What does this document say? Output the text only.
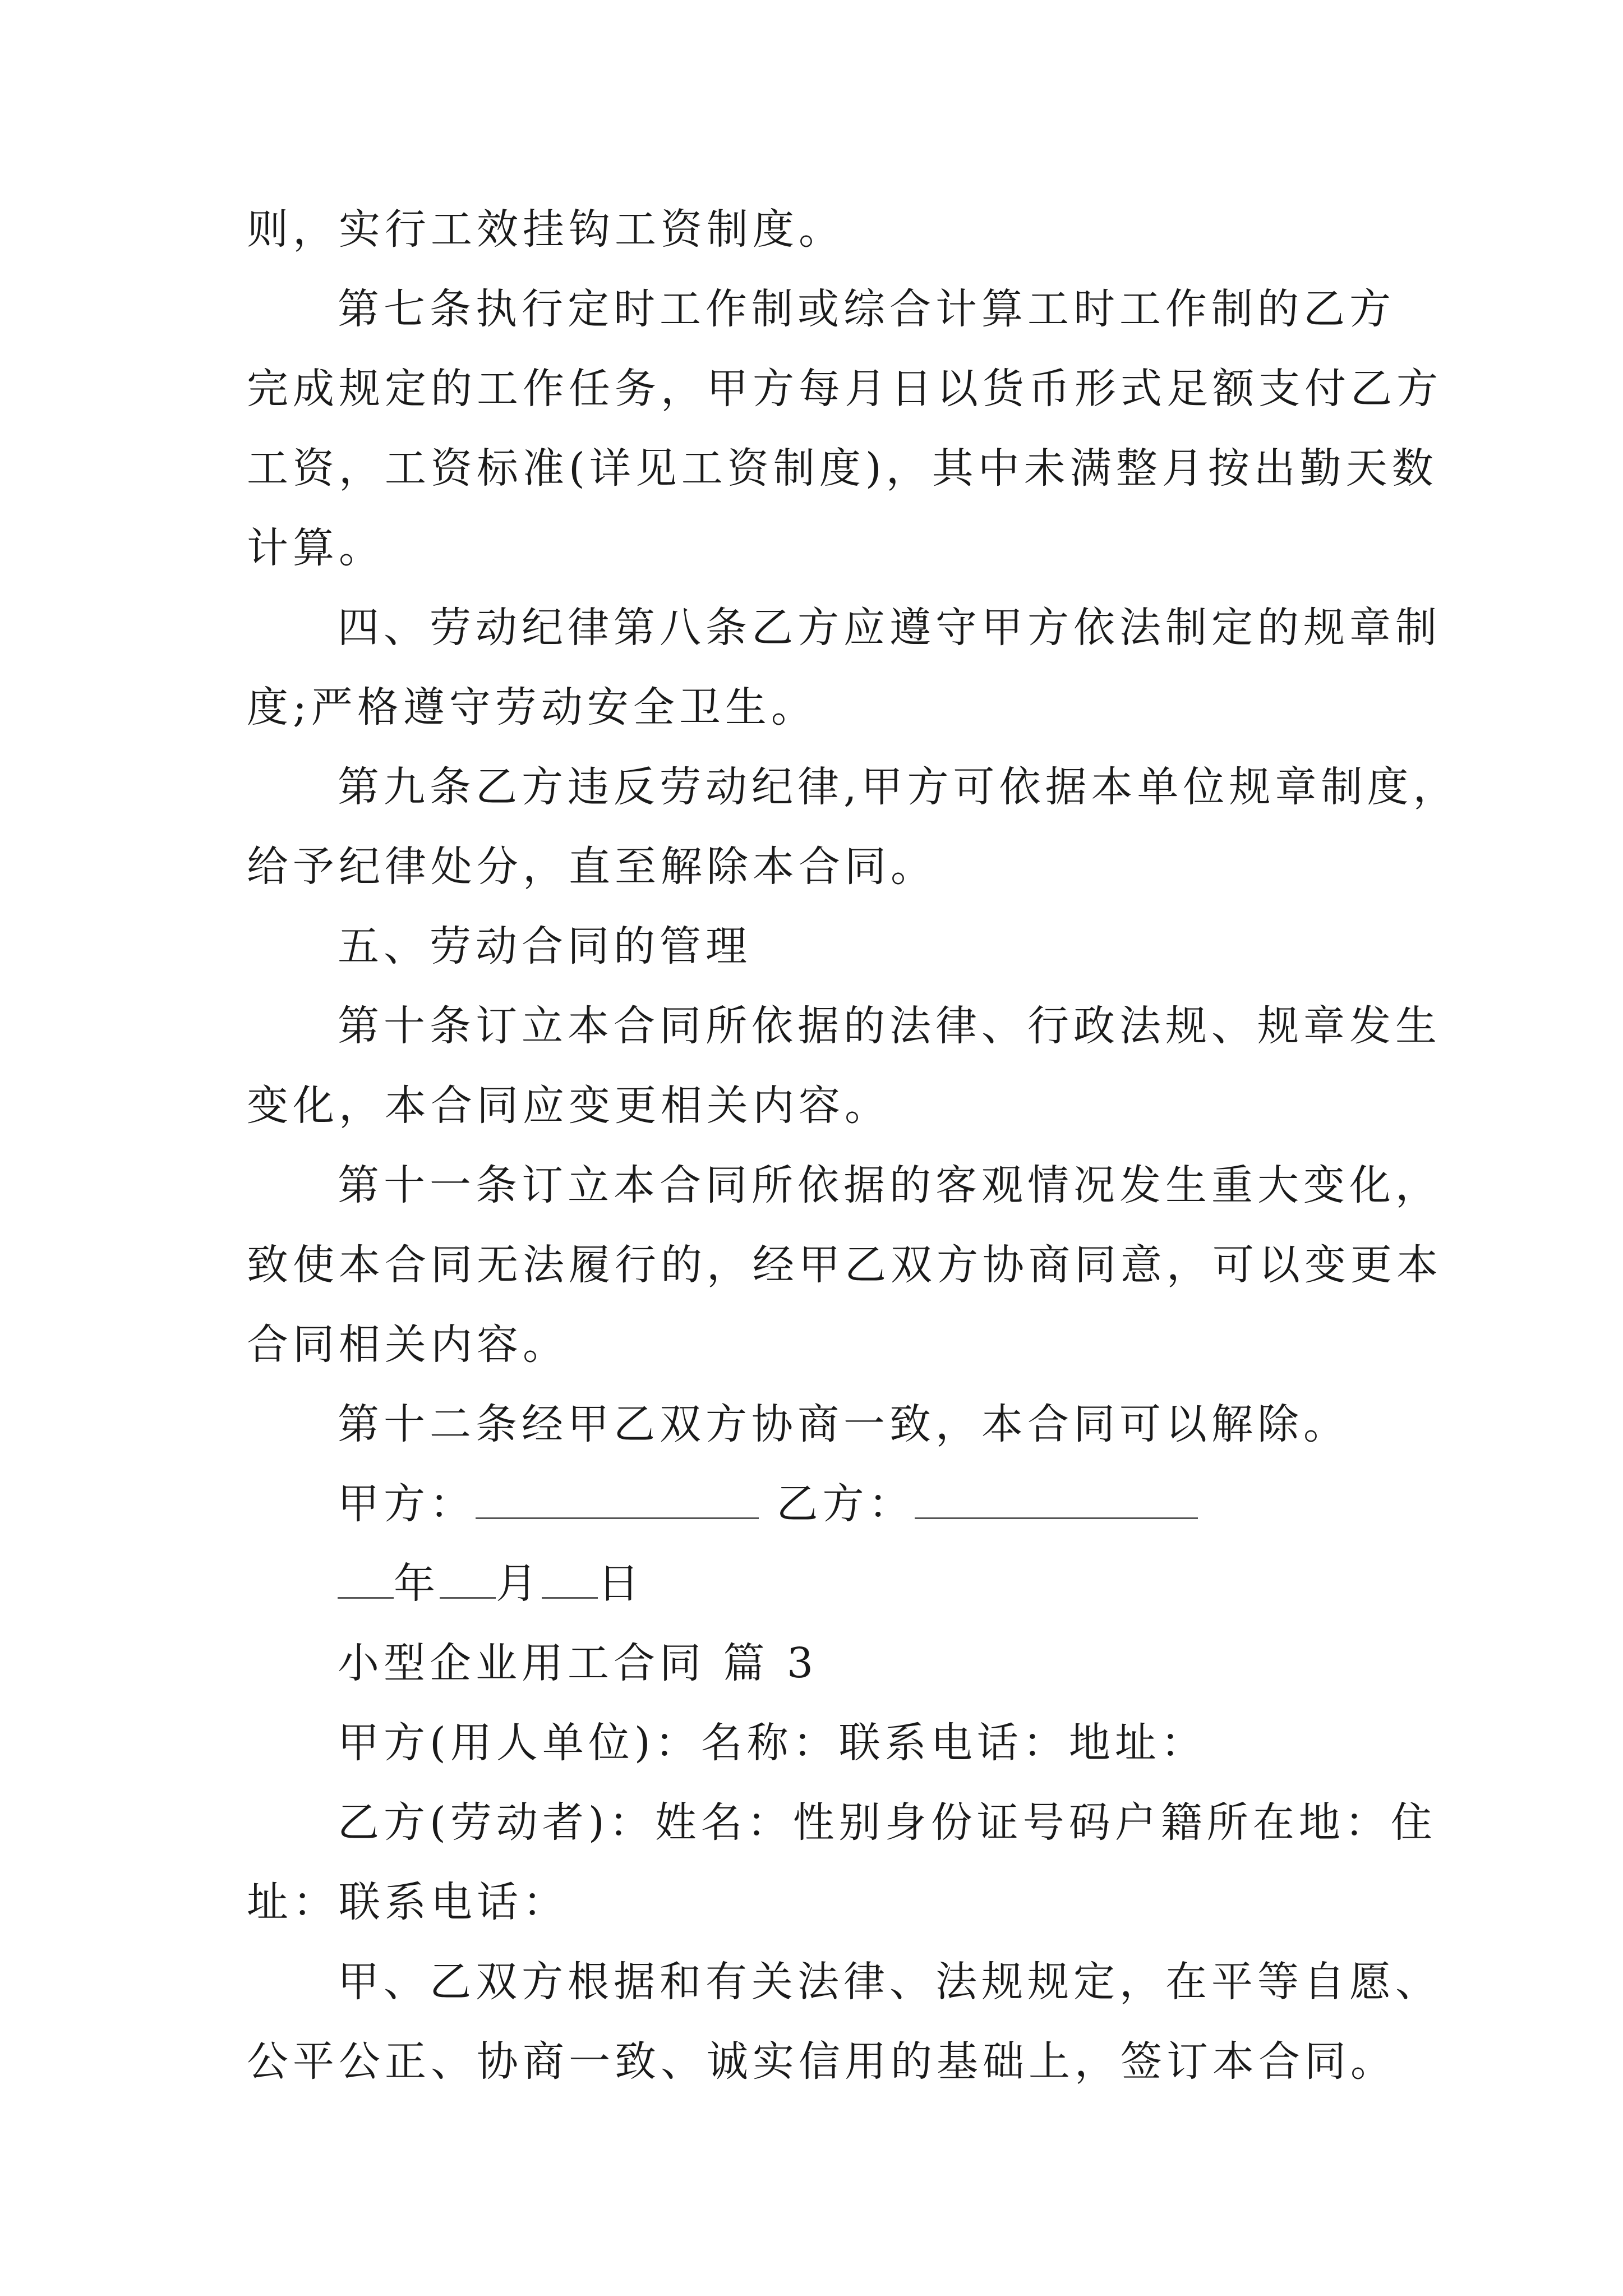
则，实行工效挂钩工资制度。
第七条执行定时工作制或综合计算工时工作制的乙方
完成规定的工作任务，甲方每月日以货币形式足额支付乙方
工资，工资标准(详见工资制度)，其中未满整月按出勤天数
计算。
四、劳动纪律第八条乙方应遵守甲方依法制定的规章制
度;严格遵守劳动安全卫生。
第九条乙方违反劳动纪律,甲方可依据本单位规章制度，
给予纪律处分，直至解除本合同。
五、劳动合同的管理
第十条订立本合同所依据的法律、行政法规、规章发生
变化，本合同应变更相关内容。
第十一条订立本合同所依据的客观情况发生重大变化，
致使本合同无法履行的，经甲乙双方协商同意，可以变更本
合同相关内容。
第十二条经甲乙双方协商一致，本合同可以解除。
甲方：	乙方：
年 月 日
小型企业用工合同 篇 3
甲方(用人单位)：名称：联系电话：地址：
乙方(劳动者)：姓名：性别身份证号码户籍所在地：住
址：联系电话：
甲、乙双方根据和有关法律、法规规定，在平等自愿、
公平公正、协商一致、诚实信用的基础上，签订本合同。
